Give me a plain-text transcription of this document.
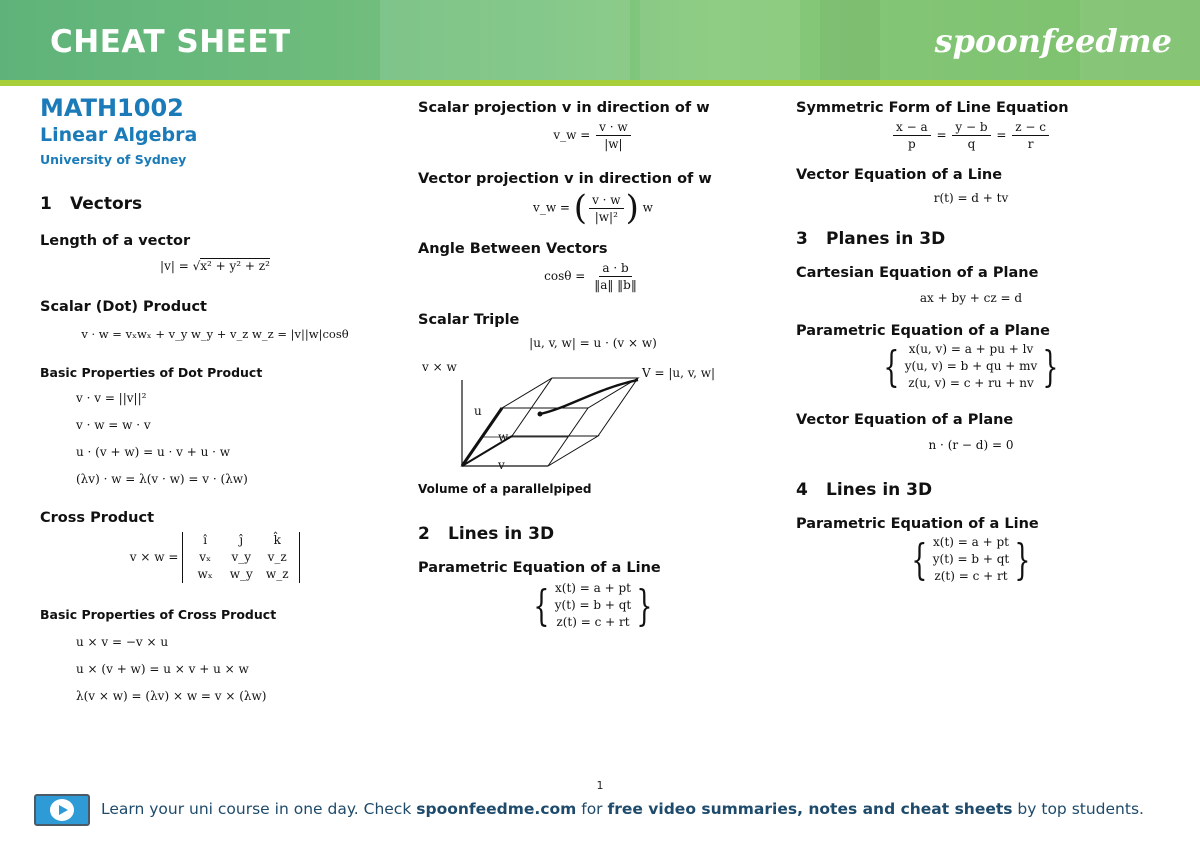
CHEAT SHEET	spoonfeedme
MATH1002
Linear Algebra
University of Sydney
1 Vectors
Length of a vector
|v| = √x² + y² + z²
Scalar (Dot) Product
v · w = vₓwₓ + v_y w_y + v_z w_z = |v||w|cosθ
Basic Properties of Dot Product
v · v = ||v||²
v · w = w · v
u · (v + w) = u · v + u · w
(λv) · w = λ(v · w) = v · (λw)
Cross Product
v × w =
î	ĵ	k̂
vₓ	v_y	v_z
wₓ	w_y	w_z
Basic Properties of Cross Product
u × v = −v × u
u × (v + w) = u × v + u × w
λ(v × w) = (λv) × w = v × (λw)
Scalar projection v in direction of w
v_w = $\frac{v \cdot w}{|w|}$
Vector projection v in direction of w
v_w = ( $\frac{v \cdot w}{\text{|w|²}}$ ) w
Angle Between Vectors
$\cos\theta = \frac{a \cdot b}{‖a‖ ‖b‖}$
Scalar Triple
|u, v, w| = u · (v × w)
v × w	V = |u, v, w|
u
w
v
Volume of a parallelpiped
2 Lines in 3D
Parametric Equation of a Line
{ x(t) = a + pt
y(t) = b + qt
z(t) = c + rt }
Symmetric Form of Line Equation
$\frac{x - a}{p} = \frac{y - b}{q} = \frac{z - c}{r}$
Vector Equation of a Line
r(t) = d + tv
3 Planes in 3D
Cartesian Equation of a Plane
ax + by + cz = d
Parametric Equation of a Plane
{ x(u, v) = a + pu + lv
y(u, v) = b + qu + mv
z(u, v) = c + ru + nv }
Vector Equation of a Plane
n · (r − d) = 0
4 Lines in 3D
Parametric Equation of a Line
{ x(t) = a + pt
y(t) = b + qt
z(t) = c + rt }
1
Learn your uni course in one day. Check spoonfeedme.com for free video summaries, notes and cheat sheets by top students.
